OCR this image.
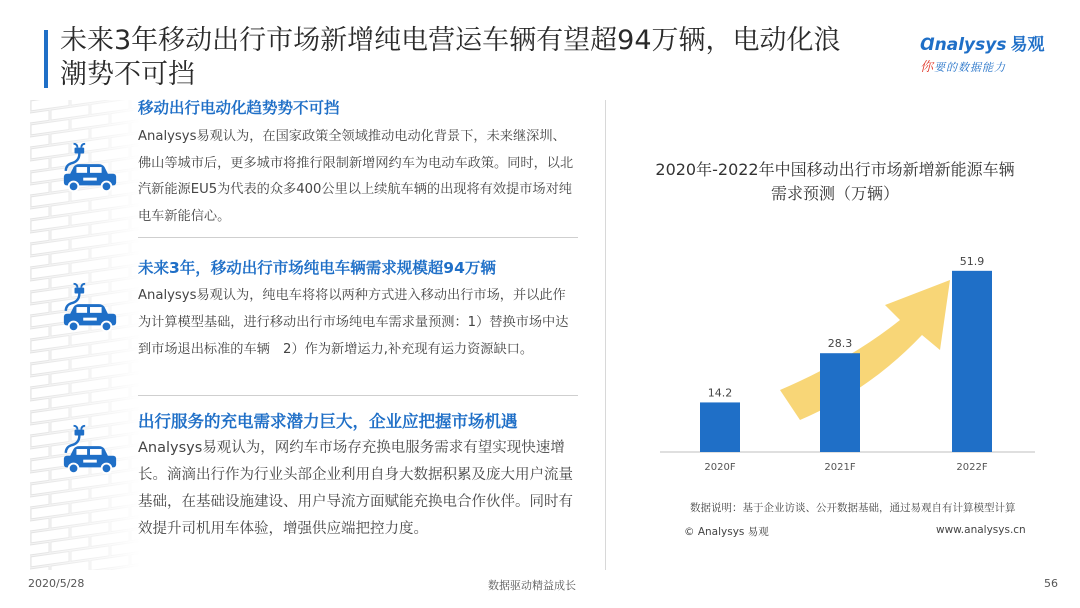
未来3年移动出行市场新增纯电营运车辆有望超94万辆，电动化浪潮势不可挡
Ɑnalysys 易观
你要的数据能力
移动出行电动化趋势势不可挡
Analysys易观认为，在国家政策全领域推动电动化背景下，未来继深圳、佛山等城市后，更多城市将推行限制新增网约车为电动车政策。同时，以北汽新能源EU5为代表的众多400公里以上续航车辆的出现将有效提市场对纯电车新能信心。
未来3年，移动出行市场纯电车辆需求规模超94万辆
Analysys易观认为，纯电车将将以两种方式进入移动出行市场，并以此作为计算模型基础，进行移动出行市场纯电车需求量预测：1）替换市场中达到市场退出标准的车辆　2）作为新增运力,补充现有运力资源缺口。
出行服务的充电需求潜力巨大，企业应把握市场机遇
Analysys易观认为，网约车市场存充换电服务需求有望实现快速增长。滴滴出行作为行业头部企业利用自身大数据积累及庞大用户流量基础，在基础设施建设、用户导流方面赋能充换电合作伙伴。同时有效提升司机用车体验，增强供应端把控力度。
2020年-2022年中国移动出行市场新增新能源车辆需求预测（万辆）
14.2
2020F
28.3
2021F
51.9
2022F
数据说明：基于企业访谈、公开数据基础，通过易观自有计算模型计算
© Analysys 易观	www.analysys.cn
2020/5/28	数据驱动精益成长	56
